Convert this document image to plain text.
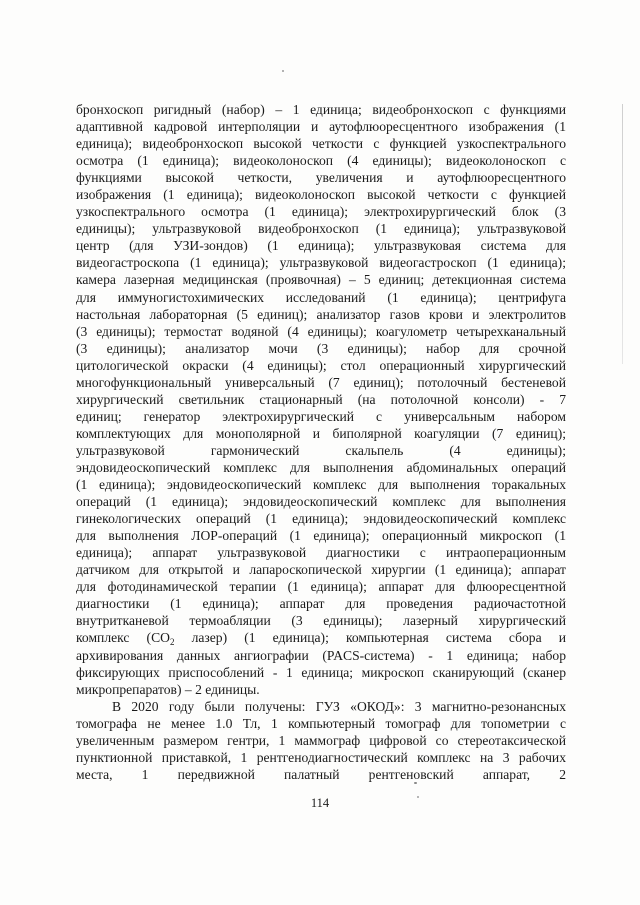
бронхоскоп ригидный (набор) – 1 единица; видеобронхоскоп с функциями
адаптивной кадровой интерполяции и аутофлюоресцентного изображения (1
единица); видеобронхоскоп высокой четкости с функцией узкоспектрального
осмотра (1 единица); видеоколоноскоп (4 единицы); видеоколоноскоп с
функциями высокой четкости, увеличения и аутофлюоресцентного
изображения (1 единица); видеоколоноскоп высокой четкости с функцией
узкоспектрального осмотра (1 единица); электрохирургический блок (3
единицы); ультразвуковой видеобронхоскоп (1 единица); ультразвуковой
центр (для УЗИ-зондов) (1 единица); ультразвуковая система для
видеогастроскопа (1 единица); ультразвуковой видеогастроскоп (1 единица);
камера лазерная медицинская (проявочная) – 5 единиц; детекционная система
для иммуногистохимических исследований (1 единица); центрифуга
настольная лабораторная (5 единиц); анализатор газов крови и электролитов
(3 единицы); термостат водяной (4 единицы); коагулометр четырехканальный
(3 единицы); анализатор мочи (3 единицы); набор для срочной
цитологической окраски (4 единицы); стол операционный хирургический
многофункциональный универсальный (7 единиц); потолочный бестеневой
хирургический светильник стационарный (на потолочной консоли) - 7
единиц; генератор электрохирургический с универсальным набором
комплектующих для монополярной и биполярной коагуляции (7 единиц);
ультразвуковой гармонический скальпель (4 единицы);
эндовидеоскопический комплекс для выполнения абдоминальных операций
(1 единица); эндовидеоскопический комплекс для выполнения торакальных
операций (1 единица); эндовидеоскопический комплекс для выполнения
гинекологических операций (1 единица); эндовидеоскопический комплекс
для выполнения ЛОР-операций (1 единица); операционный микроскоп (1
единица); аппарат ультразвуковой диагностики с интраоперационным
датчиком для открытой и лапароскопической хирургии (1 единица); аппарат
для фотодинамической терапии (1 единица); аппарат для флюоресцентной
диагностики (1 единица); аппарат для проведения радиочастотной
внутритканевой термоабляции (3 единицы); лазерный хирургический
комплекс ($CO_2$ лазер) (1 единица); компьютерная система сбора и
архивирования данных ангиографии (PACS-система) - 1 единица; набор
фиксирующих приспособлений - 1 единица; микроскоп сканирующий (сканер
микропрепаратов) – 2 единицы.
В 2020 году были получены: ГУЗ «ОКОД»: 3 магнитно-резонансных
томографа не менее 1.0 Тл, 1 компьютерный томограф для топометрии с
увеличенным размером гентри, 1 маммограф цифровой со стереотаксической
пунктионной приставкой, 1 рентгенодиагностический комплекс на 3 рабочих
места, 1 передвижной палатный рентгеновский аппарат, 2
114
